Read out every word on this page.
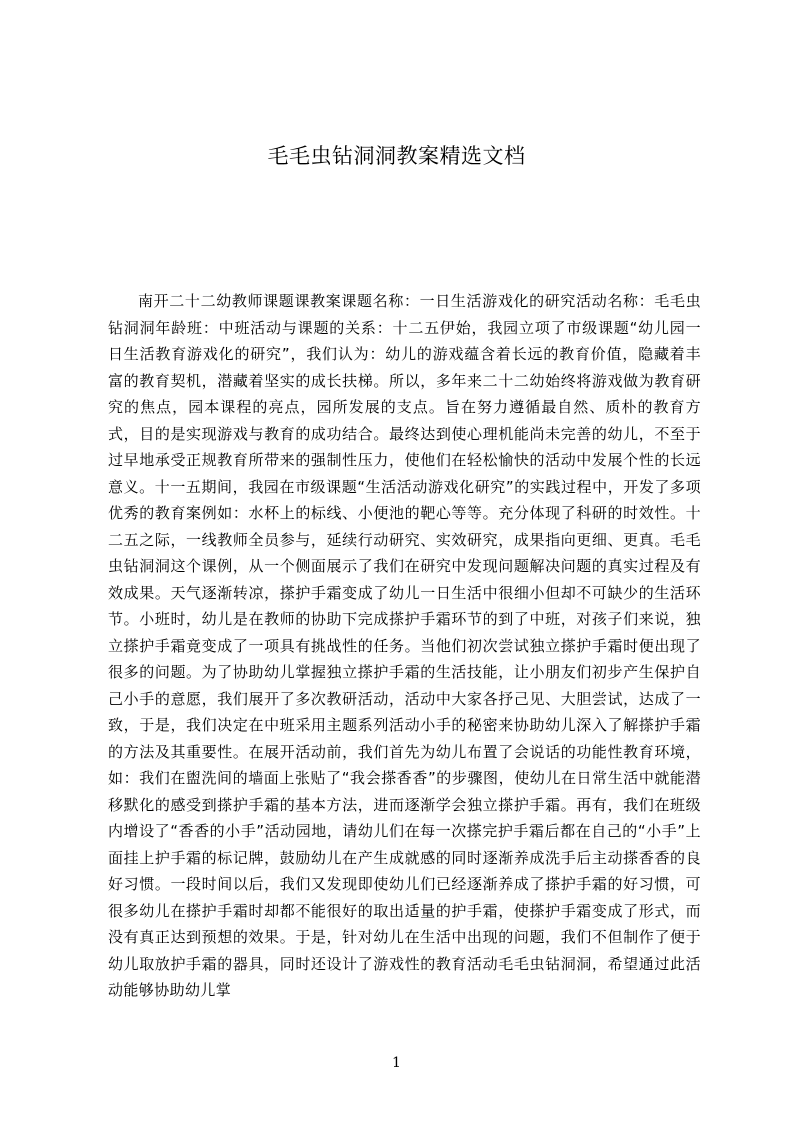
毛毛虫钻洞洞教案精选文档

南开二十二幼教师课题课教案课题名称：一日生活游戏化的研究活动名称：毛毛虫钻洞洞年龄班：中班活动与课题的关系：十二五伊始，我园立项了市级课题“幼儿园一日生活教育游戏化的研究”，我们认为：幼儿的游戏蕴含着长远的教育价值，隐藏着丰富的教育契机，潜藏着坚实的成长扶梯。所以，多年来二十二幼始终将游戏做为教育研究的焦点，园本课程的亮点，园所发展的支点。旨在努力遵循最自然、质朴的教育方式，目的是实现游戏与教育的成功结合。最终达到使心理机能尚未完善的幼儿，不至于过早地承受正规教育所带来的强制性压力，使他们在轻松愉快的活动中发展个性的长远意义。十一五期间，我园在市级课题“生活活动游戏化研究”的实践过程中，开发了多项优秀的教育案例如：水杯上的标线、小便池的靶心等等。充分体现了科研的时效性。十二五之际，一线教师全员参与，延续行动研究、实效研究，成果指向更细、更真。毛毛虫钻洞洞这个课例，从一个侧面展示了我们在研究中发现问题解决问题的真实过程及有效成果。天气逐渐转凉，搽护手霜变成了幼儿一日生活中很细小但却不可缺少的生活环节。小班时，幼儿是在教师的协助下完成搽护手霜环节的到了中班，对孩子们来说，独立搽护手霜竟变成了一项具有挑战性的任务。当他们初次尝试独立搽护手霜时便出现了很多的问题。为了协助幼儿掌握独立搽护手霜的生活技能，让小朋友们初步产生保护自己小手的意愿，我们展开了多次教研活动，活动中大家各抒己见、大胆尝试，达成了一致，于是，我们决定在中班采用主题系列活动小手的秘密来协助幼儿深入了解搽护手霜的方法及其重要性。在展开活动前，我们首先为幼儿布置了会说话的功能性教育环境，如：我们在盥洗间的墙面上张贴了“我会搽香香”的步骤图，使幼儿在日常生活中就能潜移默化的感受到搽护手霜的基本方法，进而逐渐学会独立搽护手霜。再有，我们在班级内增设了“香香的小手”活动园地，请幼儿们在每一次搽完护手霜后都在自己的“小手”上面挂上护手霜的标记牌，鼓励幼儿在产生成就感的同时逐渐养成洗手后主动搽香香的良好习惯。一段时间以后，我们又发现即使幼儿们已经逐渐养成了搽护手霜的好习惯，可很多幼儿在搽护手霜时却都不能很好的取出适量的护手霜，使搽护手霜变成了形式，而没有真正达到预想的效果。于是，针对幼儿在生活中出现的问题，我们不但制作了便于幼儿取放护手霜的器具，同时还设计了游戏性的教育活动毛毛虫钻洞洞，希望通过此活动能够协助幼儿掌

1
